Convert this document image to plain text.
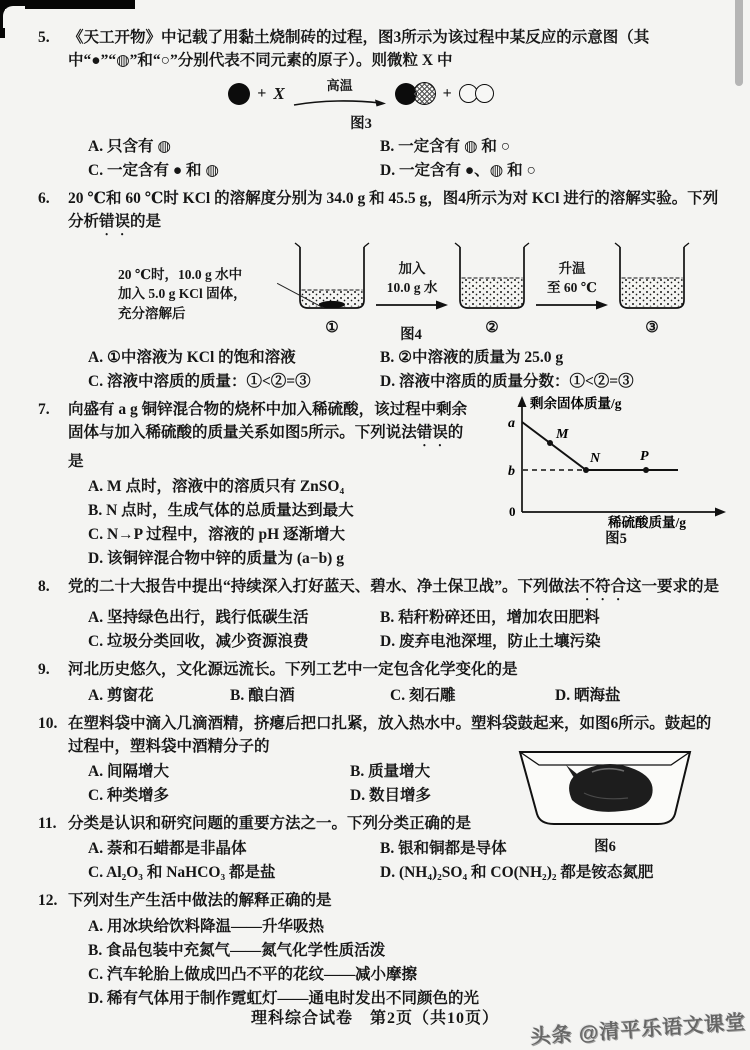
5.	《天工开物》中记载了用黏土烧制砖的过程，图3所示为该过程中某反应的示意图（其中“●”“◍”和“○”分别代表不同元素的原子）。则微粒 X 中

+ X	高温	+
图3
A. 只含有 ◍	B. 一定含有 ◍ 和 ○
C. 一定含有 ● 和 ◍	D. 一定含有 ●、◍ 和 ○
6.	20 ℃和 60 ℃时 KCl 的溶解度分别为 34.0 g 和 45.5 g，图4所示为对 KCl 进行的溶解实验。下列分析错误的是

20 ℃时，10.0 g 水中
加入 5.0 g KCl 固体，
充分溶解后
①
加入
10.0 g 水
②
升温
至 60 ℃
③
图4
A. ①中溶液为 KCl 的饱和溶液	B. ②中溶液的质量为 25.0 g
C. 溶液中溶质的质量：①<②=③	D. 溶液中溶质的质量分数：①<②=③
7.	向盛有 a g 铜锌混合物的烧杯中加入稀硫酸，该过程中剩余固体与加入稀硫酸的质量关系如图5所示。下列说法错误的是

A. M 点时，溶液中的溶质只有 ZnSO₄
B. N 点时，生成气体的总质量达到最大
C. N→P 过程中，溶液的 pH 逐渐增大
D. 该铜锌混合物中锌的质量为 (a−b) g
剩余固体质量/g
稀硫酸质量/g
a
b
0
M
N	P
图5
8.	党的二十大报告中提出“持续深入打好蓝天、碧水、净土保卫战”。下列做法不符合这一要求的是

A. 坚持绿色出行，践行低碳生活	B. 秸秆粉碎还田，增加农田肥料
C. 垃圾分类回收，减少资源浪费	D. 废弃电池深埋，防止土壤污染
9.	河北历史悠久，文化源远流长。下列工艺中一定包含化学变化的是

A. 剪窗花	B. 酿白酒	C. 刻石雕	D. 晒海盐
10. 在塑料袋中滴入几滴酒精，挤瘪后把口扎紧，放入热水中。塑料袋鼓起来，如图6所示。鼓起的过程中，塑料袋中酒精分子的

A. 间隔增大	B. 质量增大
C. 种类增多	D. 数目增多
图6
11. 分类是认识和研究问题的重要方法之一。下列分类正确的是

A. 萘和石蜡都是非晶体	B. 银和铜都是导体
C. Al₂O₃ 和 NaHCO₃ 都是盐	D. (NH₄)₂SO₄ 和 CO(NH₂)₂ 都是铵态氮肥
12. 下列对生产生活中做法的解释正确的是

A. 用冰块给饮料降温——升华吸热
B. 食品包装中充氮气——氮气化学性质活泼
C. 汽车轮胎上做成凹凸不平的花纹——减小摩擦
D. 稀有气体用于制作霓虹灯——通电时发出不同颜色的光
理科综合试卷　第2页（共10页）	头条 @清平乐语文课堂
